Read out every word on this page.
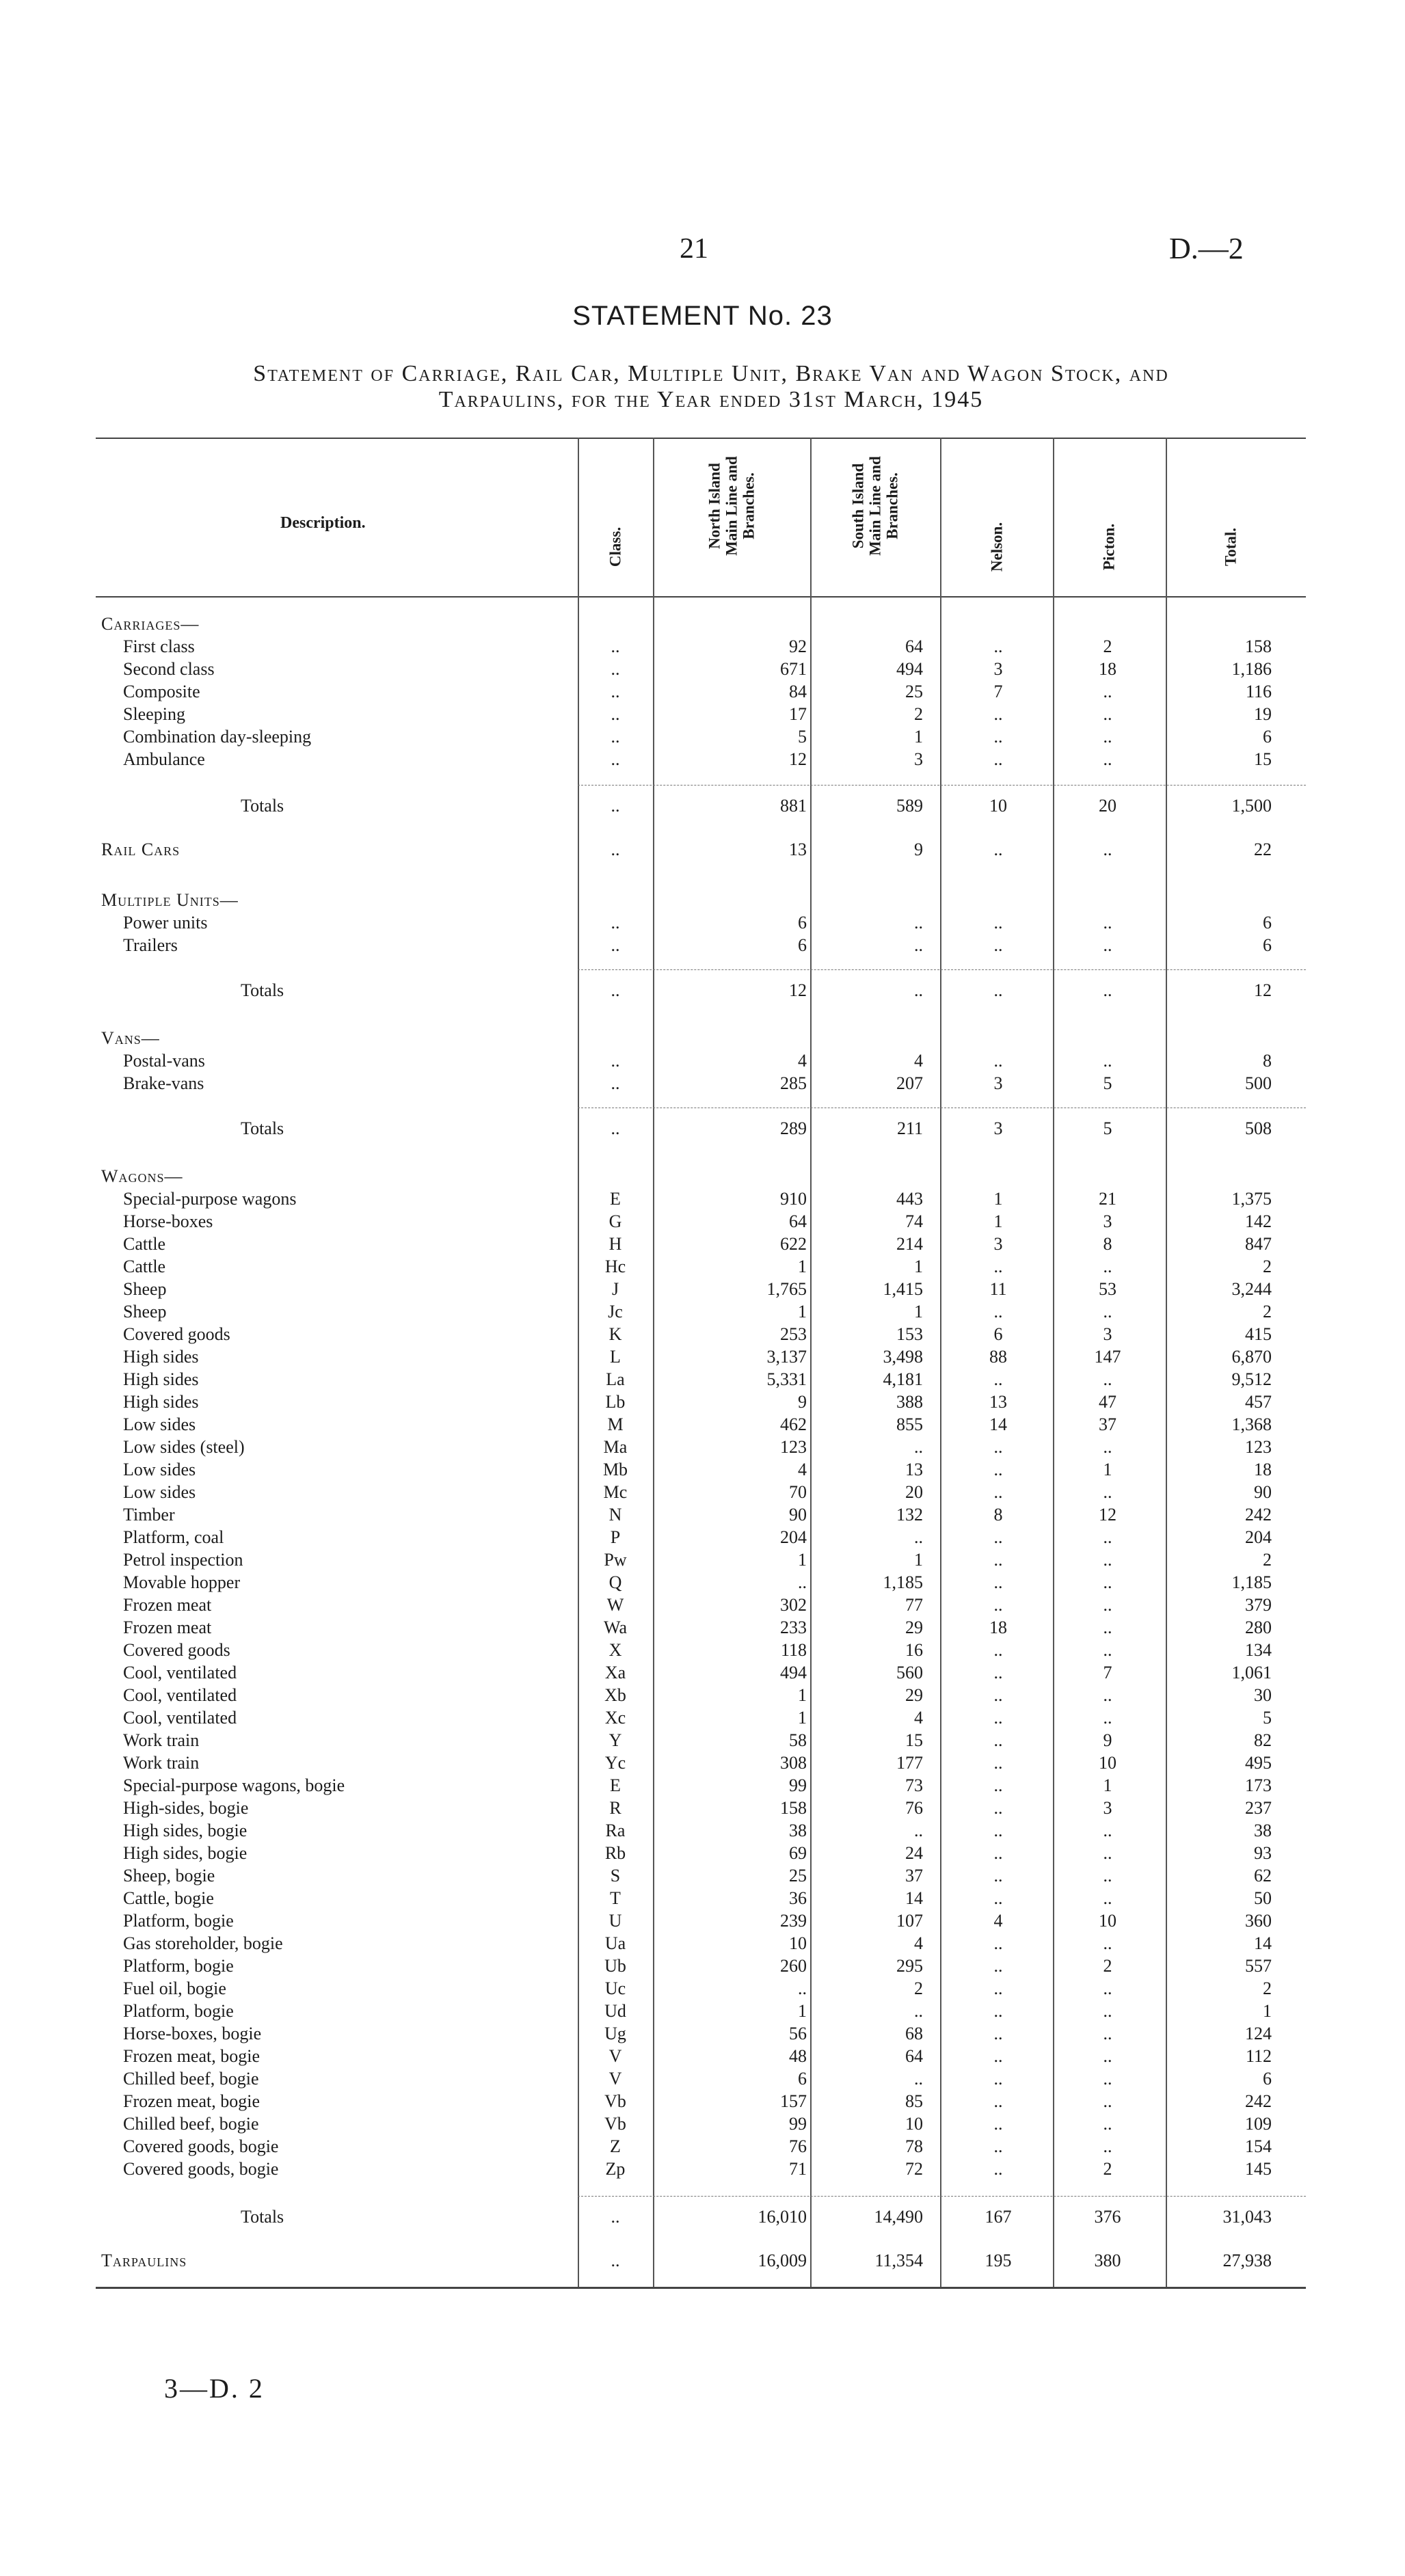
21	D.—2
STATEMENT No. 23
Statement of Carriage, Rail Car, Multiple Unit, Brake Van and Wagon Stock, and
Tarpaulins, for the Year ended 31st March, 1945
Description.
Class.	North Island
Main Line and
Branches.	South Island
Main Line and
Branches.
Nelson.	Picton.	Total.
Carriages—
First class	..	92	64	..	2	158
Second class	..	671	494	3	18	1,186
Composite	..	84	25	7	..	116
Sleeping	..	17	2	..	..	19
Combination day-sleeping	..	5	1	..	..	6
Ambulance	..	12	3	..	..	15
Totals	..	881	589	10	20	1,500
Rail Cars	..	13	9	..	..	22
Multiple Units—
Power units	..	6	..	..	..	6
Trailers	..	6	..	..	..	6
Totals	..	12	..	..	..	12
Vans—
Postal-vans	..	4	4	..	..	8
Brake-vans	..	285	207	3	5	500
Totals	..	289	211	3	5	508
Wagons—
Special-purpose wagons	E	910	443	1	21	1,375
Horse-boxes	G	64	74	1	3	142
Cattle	H	622	214	3	8	847
Cattle	Hc	1	1	..	..	2
Sheep	J	1,765	1,415	11	53	3,244
Sheep	Jc	1	1	..	..	2
Covered goods	K	253	153	6	3	415
High sides	L	3,137	3,498	88	147	6,870
High sides	La	5,331	4,181	..	..	9,512
High sides	Lb	9	388	13	47	457
Low sides	M	462	855	14	37	1,368
Low sides (steel)	Ma	123	..	..	..	123
Low sides	Mb	4	13	..	1	18
Low sides	Mc	70	20	..	..	90
Timber	N	90	132	8	12	242
Platform, coal	P	204	..	..	..	204
Petrol inspection	Pw	1	1	..	..	2
Movable hopper	Q	..	1,185	..	..	1,185
Frozen meat	W	302	77	..	..	379
Frozen meat	Wa	233	29	18	..	280
Covered goods	X	118	16	..	..	134
Cool, ventilated	Xa	494	560	..	7	1,061
Cool, ventilated	Xb	1	29	..	..	30
Cool, ventilated	Xc	1	4	..	..	5
Work train	Y	58	15	..	9	82
Work train	Yc	308	177	..	10	495
Special-purpose wagons, bogie	E	99	73	..	1	173
High-sides, bogie	R	158	76	..	3	237
High sides, bogie	Ra	38	..	..	..	38
High sides, bogie	Rb	69	24	..	..	93
Sheep, bogie	S	25	37	..	..	62
Cattle, bogie	T	36	14	..	..	50
Platform, bogie	U	239	107	4	10	360
Gas storeholder, bogie	Ua	10	4	..	..	14
Platform, bogie	Ub	260	295	..	2	557
Fuel oil, bogie	Uc	..	2	..	..	2
Platform, bogie	Ud	1	..	..	..	1
Horse-boxes, bogie	Ug	56	68	..	..	124
Frozen meat, bogie	V	48	64	..	..	112
Chilled beef, bogie	V	6	..	..	..	6
Frozen meat, bogie	Vb	157	85	..	..	242
Chilled beef, bogie	Vb	99	10	..	..	109
Covered goods, bogie	Z	76	78	..	..	154
Covered goods, bogie	Zp	71	72	..	2	145
Totals	..	16,010	14,490	167	376	31,043
Tarpaulins	..	16,009	11,354	195	380	27,938
3—D. 2
